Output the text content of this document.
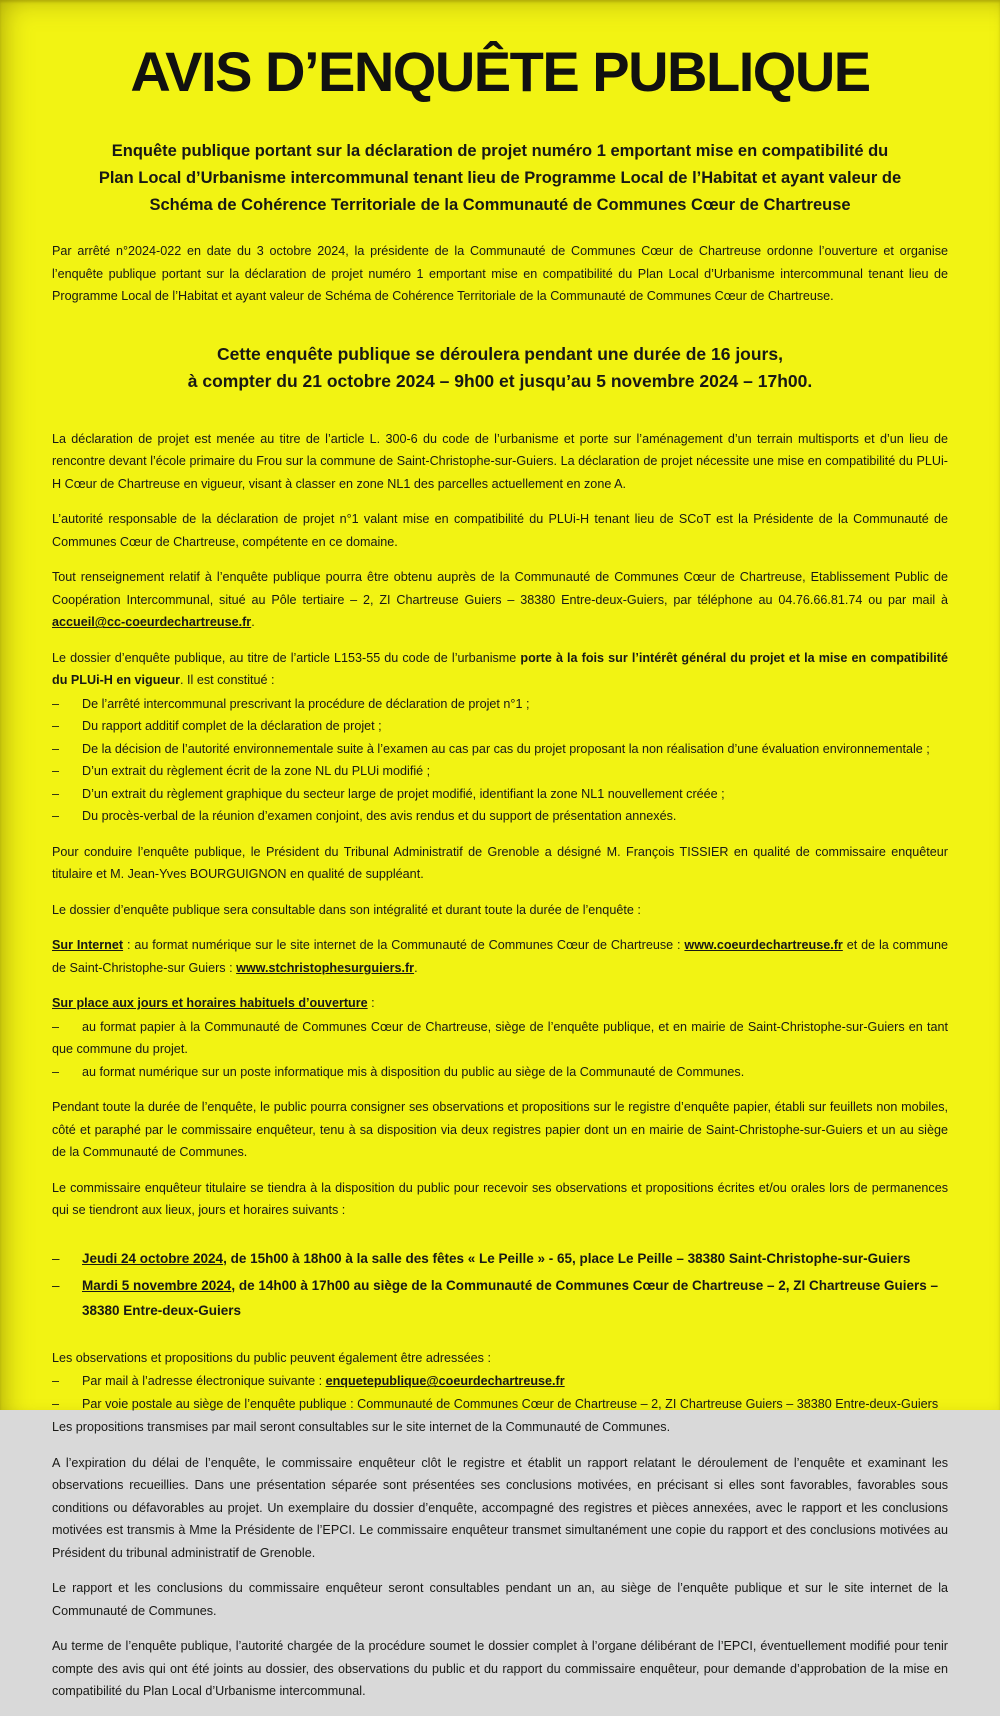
AVIS D’ENQUÊTE PUBLIQUE
Enquête publique portant sur la déclaration de projet numéro 1 emportant mise en compatibilité du
Plan Local d’Urbanisme intercommunal tenant lieu de Programme Local de l’Habitat et ayant valeur de
Schéma de Cohérence Territoriale de la Communauté de Communes Cœur de Chartreuse
Par arrêté n°2024-022 en date du 3 octobre 2024, la présidente de la Communauté de Communes Cœur de Chartreuse ordonne l’ouverture et organise l’enquête publique portant sur la déclaration de projet numéro 1 emportant mise en compatibilité du Plan Local d’Urbanisme intercommunal tenant lieu de Programme Local de l’Habitat et ayant valeur de Schéma de Cohérence Territoriale de la Communauté de Communes Cœur de Chartreuse.
Cette enquête publique se déroulera pendant une durée de 16 jours,
à compter du 21 octobre 2024 – 9h00 et jusqu’au 5 novembre 2024 – 17h00.
La déclaration de projet est menée au titre de l’article L. 300-6 du code de l’urbanisme et porte sur l’aménagement d’un terrain multisports et d’un lieu de rencontre devant l’école primaire du Frou sur la commune de Saint-Christophe-sur-Guiers. La déclaration de projet nécessite une mise en compatibilité du PLUi-H Cœur de Chartreuse en vigueur, visant à classer en zone NL1 des parcelles actuellement en zone A.
L’autorité responsable de la déclaration de projet n°1 valant mise en compatibilité du PLUi-H tenant lieu de SCoT est la Présidente de la Communauté de Communes Cœur de Chartreuse, compétente en ce domaine.
Tout renseignement relatif à l’enquête publique pourra être obtenu auprès de la Communauté de Communes Cœur de Chartreuse, Etablissement Public de Coopération Intercommunal, situé au Pôle tertiaire – 2, ZI Chartreuse Guiers – 38380 Entre-deux-Guiers, par téléphone au 04.76.66.81.74 ou par mail à accueil@cc-coeurdechartreuse.fr.
Le dossier d’enquête publique, au titre de l’article L153-55 du code de l’urbanisme porte à la fois sur l’intérêt général du projet et la mise en compatibilité du PLUi-H en vigueur. Il est constitué :
– De l’arrêté intercommunal prescrivant la procédure de déclaration de projet n°1 ;
– Du rapport additif complet de la déclaration de projet ;
– De la décision de l’autorité environnementale suite à l’examen au cas par cas du projet proposant la non réalisation d’une évaluation environnementale ;
– D’un extrait du règlement écrit de la zone NL du PLUi modifié ;
– D’un extrait du règlement graphique du secteur large de projet modifié, identifiant la zone NL1 nouvellement créée ;
– Du procès-verbal de la réunion d’examen conjoint, des avis rendus et du support de présentation annexés.
Pour conduire l’enquête publique, le Président du Tribunal Administratif de Grenoble a désigné M. François TISSIER en qualité de commissaire enquêteur titulaire et M. Jean-Yves BOURGUIGNON en qualité de suppléant.
Le dossier d’enquête publique sera consultable dans son intégralité et durant toute la durée de l’enquête :
Sur Internet : au format numérique sur le site internet de la Communauté de Communes Cœur de Chartreuse : www.coeurdechartreuse.fr et de la commune de Saint-Christophe-sur Guiers : www.stchristophesurguiers.fr.
Sur place aux jours et horaires habituels d’ouverture :
– au format papier à la Communauté de Communes Cœur de Chartreuse, siège de l’enquête publique, et en mairie de Saint-Christophe-sur-Guiers en tant que commune du projet.
– au format numérique sur un poste informatique mis à disposition du public au siège de la Communauté de Communes.
Pendant toute la durée de l’enquête, le public pourra consigner ses observations et propositions sur le registre d’enquête papier, établi sur feuillets non mobiles, côté et paraphé par le commissaire enquêteur, tenu à sa disposition via deux registres papier dont un en mairie de Saint-Christophe-sur-Guiers et un au siège de la Communauté de Communes.
Le commissaire enquêteur titulaire se tiendra à la disposition du public pour recevoir ses observations et propositions écrites et/ou orales lors de permanences qui se tiendront aux lieux, jours et horaires suivants :
– Jeudi 24 octobre 2024, de 15h00 à 18h00 à la salle des fêtes « Le Peille » - 65, place Le Peille – 38380 Saint-Christophe-sur-Guiers
– Mardi 5 novembre 2024, de 14h00 à 17h00 au siège de la Communauté de Communes Cœur de Chartreuse – 2, ZI Chartreuse Guiers – 38380 Entre-deux-Guiers
Les observations et propositions du public peuvent également être adressées :
– Par mail à l’adresse électronique suivante : enquetepublique@coeurdechartreuse.fr
– Par voie postale au siège de l’enquête publique : Communauté de Communes Cœur de Chartreuse – 2, ZI Chartreuse Guiers – 38380 Entre-deux-Guiers
Les propositions transmises par mail seront consultables sur le site internet de la Communauté de Communes.
A l’expiration du délai de l’enquête, le commissaire enquêteur clôt le registre et établit un rapport relatant le déroulement de l’enquête et examinant les observations recueillies. Dans une présentation séparée sont présentées ses conclusions motivées, en précisant si elles sont favorables, favorables sous conditions ou défavorables au projet. Un exemplaire du dossier d’enquête, accompagné des registres et pièces annexées, avec le rapport et les conclusions motivées est transmis à Mme la Présidente de l’EPCI. Le commissaire enquêteur transmet simultanément une copie du rapport et des conclusions motivées au Président du tribunal administratif de Grenoble.
Le rapport et les conclusions du commissaire enquêteur seront consultables pendant un an, au siège de l’enquête publique et sur le site internet de la Communauté de Communes.
Au terme de l’enquête publique, l’autorité chargée de la procédure soumet le dossier complet à l’organe délibérant de l’EPCI, éventuellement modifié pour tenir compte des avis qui ont été joints au dossier, des observations du public et du rapport du commissaire enquêteur, pour demande d’approbation de la mise en compatibilité du Plan Local d’Urbanisme intercommunal.
